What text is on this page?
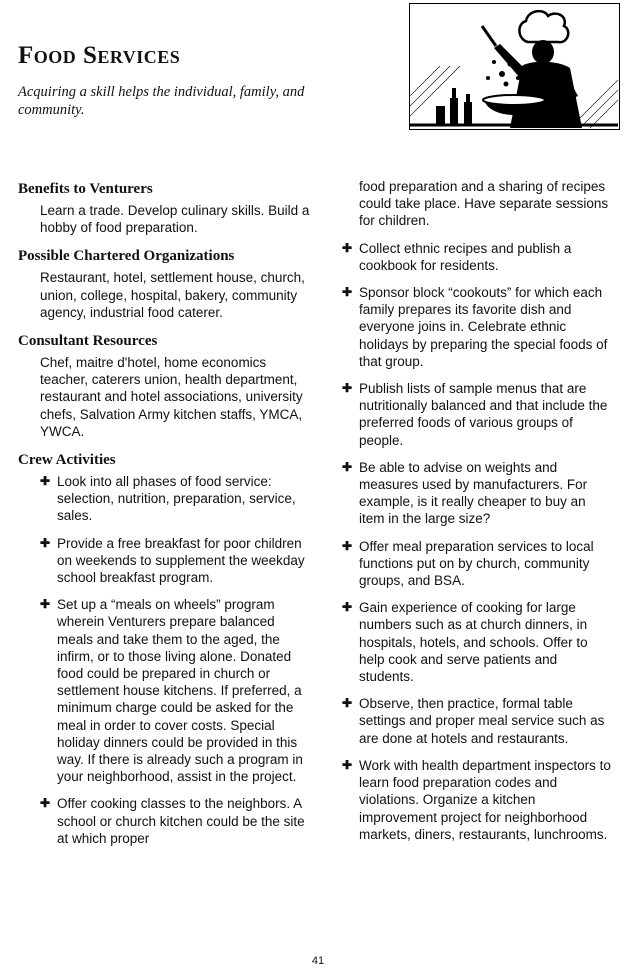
Food Services

Acquiring a skill helps the individual, family, and community.

Benefits to Venturers

Learn a trade. Develop culinary skills. Build a hobby of food preparation.

Possible Chartered Organizations

Restaurant, hotel, settlement house, church, union, college, hospital, bakery, community agency, industrial food caterer.

Consultant Resources

Chef, maitre d'hotel, home economics teacher, caterers union, health department, restaurant and hotel associations, university chefs, Salvation Army kitchen staffs, YMCA, YWCA.

Crew Activities
✚ Look into all phases of food service: selection, nutrition, preparation, service, sales.
✚ Provide a free breakfast for poor children on weekends to supplement the weekday school breakfast program.
✚ Set up a “meals on wheels” program wherein Venturers prepare balanced meals and take them to the aged, the infirm, or to those living alone. Donated food could be prepared in church or settlement house kitchens. If preferred, a minimum charge could be asked for the meal in order to cover costs. Special holiday dinners could be provided in this way. If there is already such a program in your neighborhood, assist in the project.
✚ Offer cooking classes to the neighbors. A school or church kitchen could be the site at which proper

food preparation and a sharing of recipes could take place. Have separate sessions for children.

✚ Collect ethnic recipes and publish a cookbook for residents.
✚ Sponsor block “cookouts” for which each family prepares its favorite dish and everyone joins in. Celebrate ethnic holidays by preparing the special foods of that group.
✚ Publish lists of sample menus that are nutritionally balanced and that include the preferred foods of various groups of people.
✚ Be able to advise on weights and measures used by manufacturers. For example, is it really cheaper to buy an item in the large size?
✚ Offer meal preparation services to local functions put on by church, community groups, and BSA.
✚ Gain experience of cooking for large numbers such as at church dinners, in hospitals, hotels, and schools. Offer to help cook and serve patients and students.
✚ Observe, then practice, formal table settings and proper meal service such as are done at hotels and restaurants.
✚ Work with health department inspectors to learn food preparation codes and violations. Organize a kitchen improvement project for neighborhood markets, diners, restaurants, lunchrooms.
41
